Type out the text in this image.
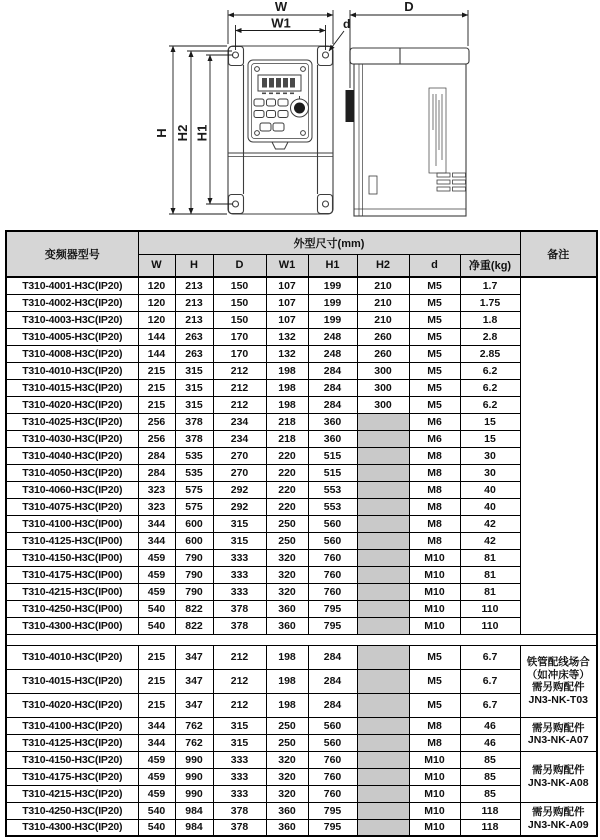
W
W1	d
H H2 H1
D
变频器型号	外型尺寸(mm)								备注
	W	H	D	W1	H1	H2	d	净重(kg)	
T310-4001-H3C(IP20)	120	213	150	107	199	210	M5	1.7	
T310-4002-H3C(IP20)	120	213	150	107	199	210	M5	1.75	
T310-4003-H3C(IP20)	120	213	150	107	199	210	M5	1.8	
T310-4005-H3C(IP20)	144	263	170	132	248	260	M5	2.8	
T310-4008-H3C(IP20)	144	263	170	132	248	260	M5	2.85	
T310-4010-H3C(IP20)	215	315	212	198	284	300	M5	6.2	
T310-4015-H3C(IP20)	215	315	212	198	284	300	M5	6.2	
T310-4020-H3C(IP20)	215	315	212	198	284	300	M5	6.2	
T310-4025-H3C(IP20)	256	378	234	218	360		M6	15	
T310-4030-H3C(IP20)	256	378	234	218	360		M6	15	
T310-4040-H3C(IP20)	284	535	270	220	515		M8	30	
T310-4050-H3C(IP20)	284	535	270	220	515		M8	30	
T310-4060-H3C(IP20)	323	575	292	220	553		M8	40	
T310-4075-H3C(IP20)	323	575	292	220	553		M8	40	
T310-4100-H3C(IP00)	344	600	315	250	560		M8	42	
T310-4125-H3C(IP00)	344	600	315	250	560		M8	42	
T310-4150-H3C(IP00)	459	790	333	320	760		M10	81	
T310-4175-H3C(IP00)	459	790	333	320	760		M10	81	
T310-4215-H3C(IP00)	459	790	333	320	760		M10	81	
T310-4250-H3C(IP00)	540	822	378	360	795		M10	110	
T310-4300-H3C(IP00)	540	822	378	360	795		M10	110	

T310-4010-H3C(IP20)	215	347	212	198	284		M5	6.7	铁管配线场合
（如冲床等）
需另购配件
JN3-NK-T03

T310-4015-H3C(IP20)	215	347	212	198	284		M5	6.7	
T310-4020-H3C(IP20)	215	347	212	198	284		M5	6.7	
T310-4100-H3C(IP20)	344	762	315	250	560		M8	46	需另购配件
JN3-NK-A07

T310-4125-H3C(IP20)	344	762	315	250	560		M8	46	
T310-4150-H3C(IP20)	459	990	333	320	760		M10	85	需另购配件
JN3-NK-A08

T310-4175-H3C(IP20)	459	990	333	320	760		M10	85	
T310-4215-H3C(IP20)	459	990	333	320	760		M10	85	
T310-4250-H3C(IP20)	540	984	378	360	795		M10	118	需另购配件
JN3-NK-A09

T310-4300-H3C(IP20)	540	984	378	360	795		M10	118	
